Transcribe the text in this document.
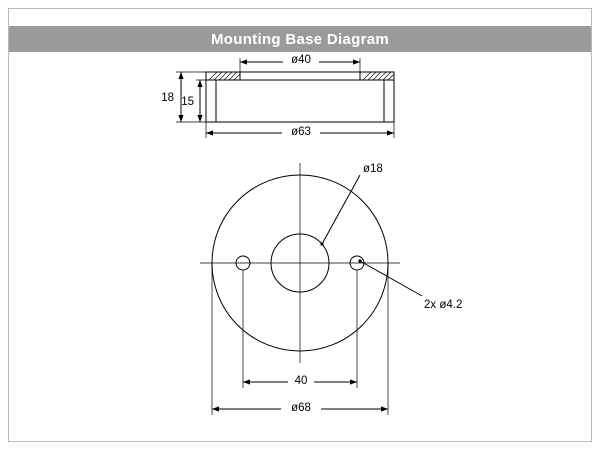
Mounting Base Diagram
ø40
ø63
18 15
ø18
2x ø4.2
40
ø68
